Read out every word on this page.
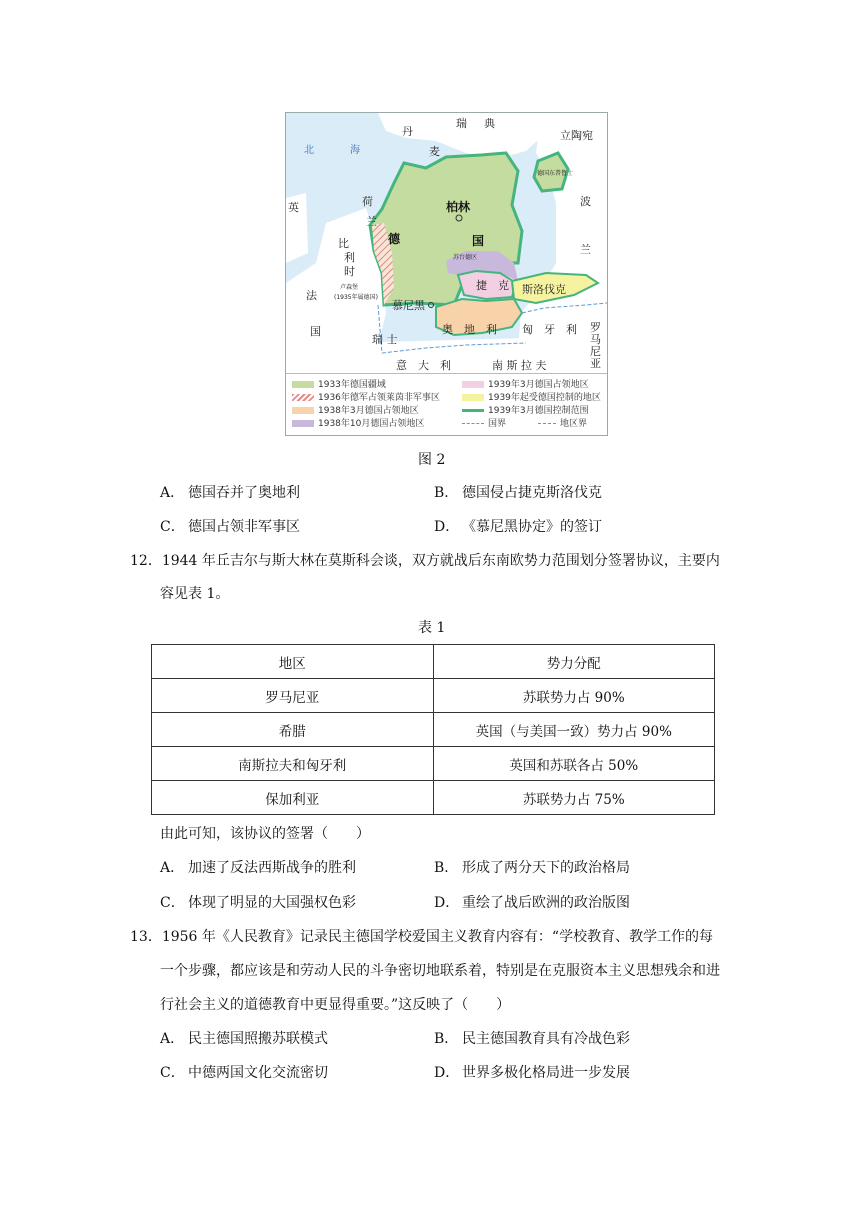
丹
麦
瑞 典
立陶宛
北	海
德国东普鲁士
英	荷
兰
柏林	波
兰
德	国
比
利
时
苏台德区
卢森堡
(1935年属德国)
捷　克 斯洛伐克
法
国
慕尼黑
奥　地　利 匈　牙　利 罗
马
尼
亚
瑞 士
意　大　利	南 斯 拉 夫
1933年德国疆域	1939年3月德国占领地区
1936年德军占领莱茵非军事区	1939年起受德国控制的地区
1938年3月德国占领地区	1939年3月德国控制范围
1938年10月德国占领地区	国界	地区界
图 2
A． 德国吞并了奥地利	B． 德国侵占捷克斯洛伐克
C． 德国占领非军事区	D． 《慕尼黑协定》的签订
12．1944 年丘吉尔与斯大林在莫斯科会谈，双方就战后东南欧势力范围划分签署协议，主要内
容见表 1。
表 1
地区	势力分配
罗马尼亚	苏联势力占 90%
希腊	英国（与美国一致）势力占 90%
南斯拉夫和匈牙利	英国和苏联各占 50%
保加利亚	苏联势力占 75%
由此可知，该协议的签署（　　）
A． 加速了反法西斯战争的胜利	B． 形成了两分天下的政治格局
C． 体现了明显的大国强权色彩	D． 重绘了战后欧洲的政治版图
13．1956 年《人民教育》记录民主德国学校爱国主义教育内容有：“学校教育、教学工作的每
一个步骤，都应该是和劳动人民的斗争密切地联系着，特别是在克服资本主义思想残余和进
行社会主义的道德教育中更显得重要。”这反映了（　　）
A． 民主德国照搬苏联模式	B． 民主德国教育具有冷战色彩
C． 中德两国文化交流密切	D． 世界多极化格局进一步发展
